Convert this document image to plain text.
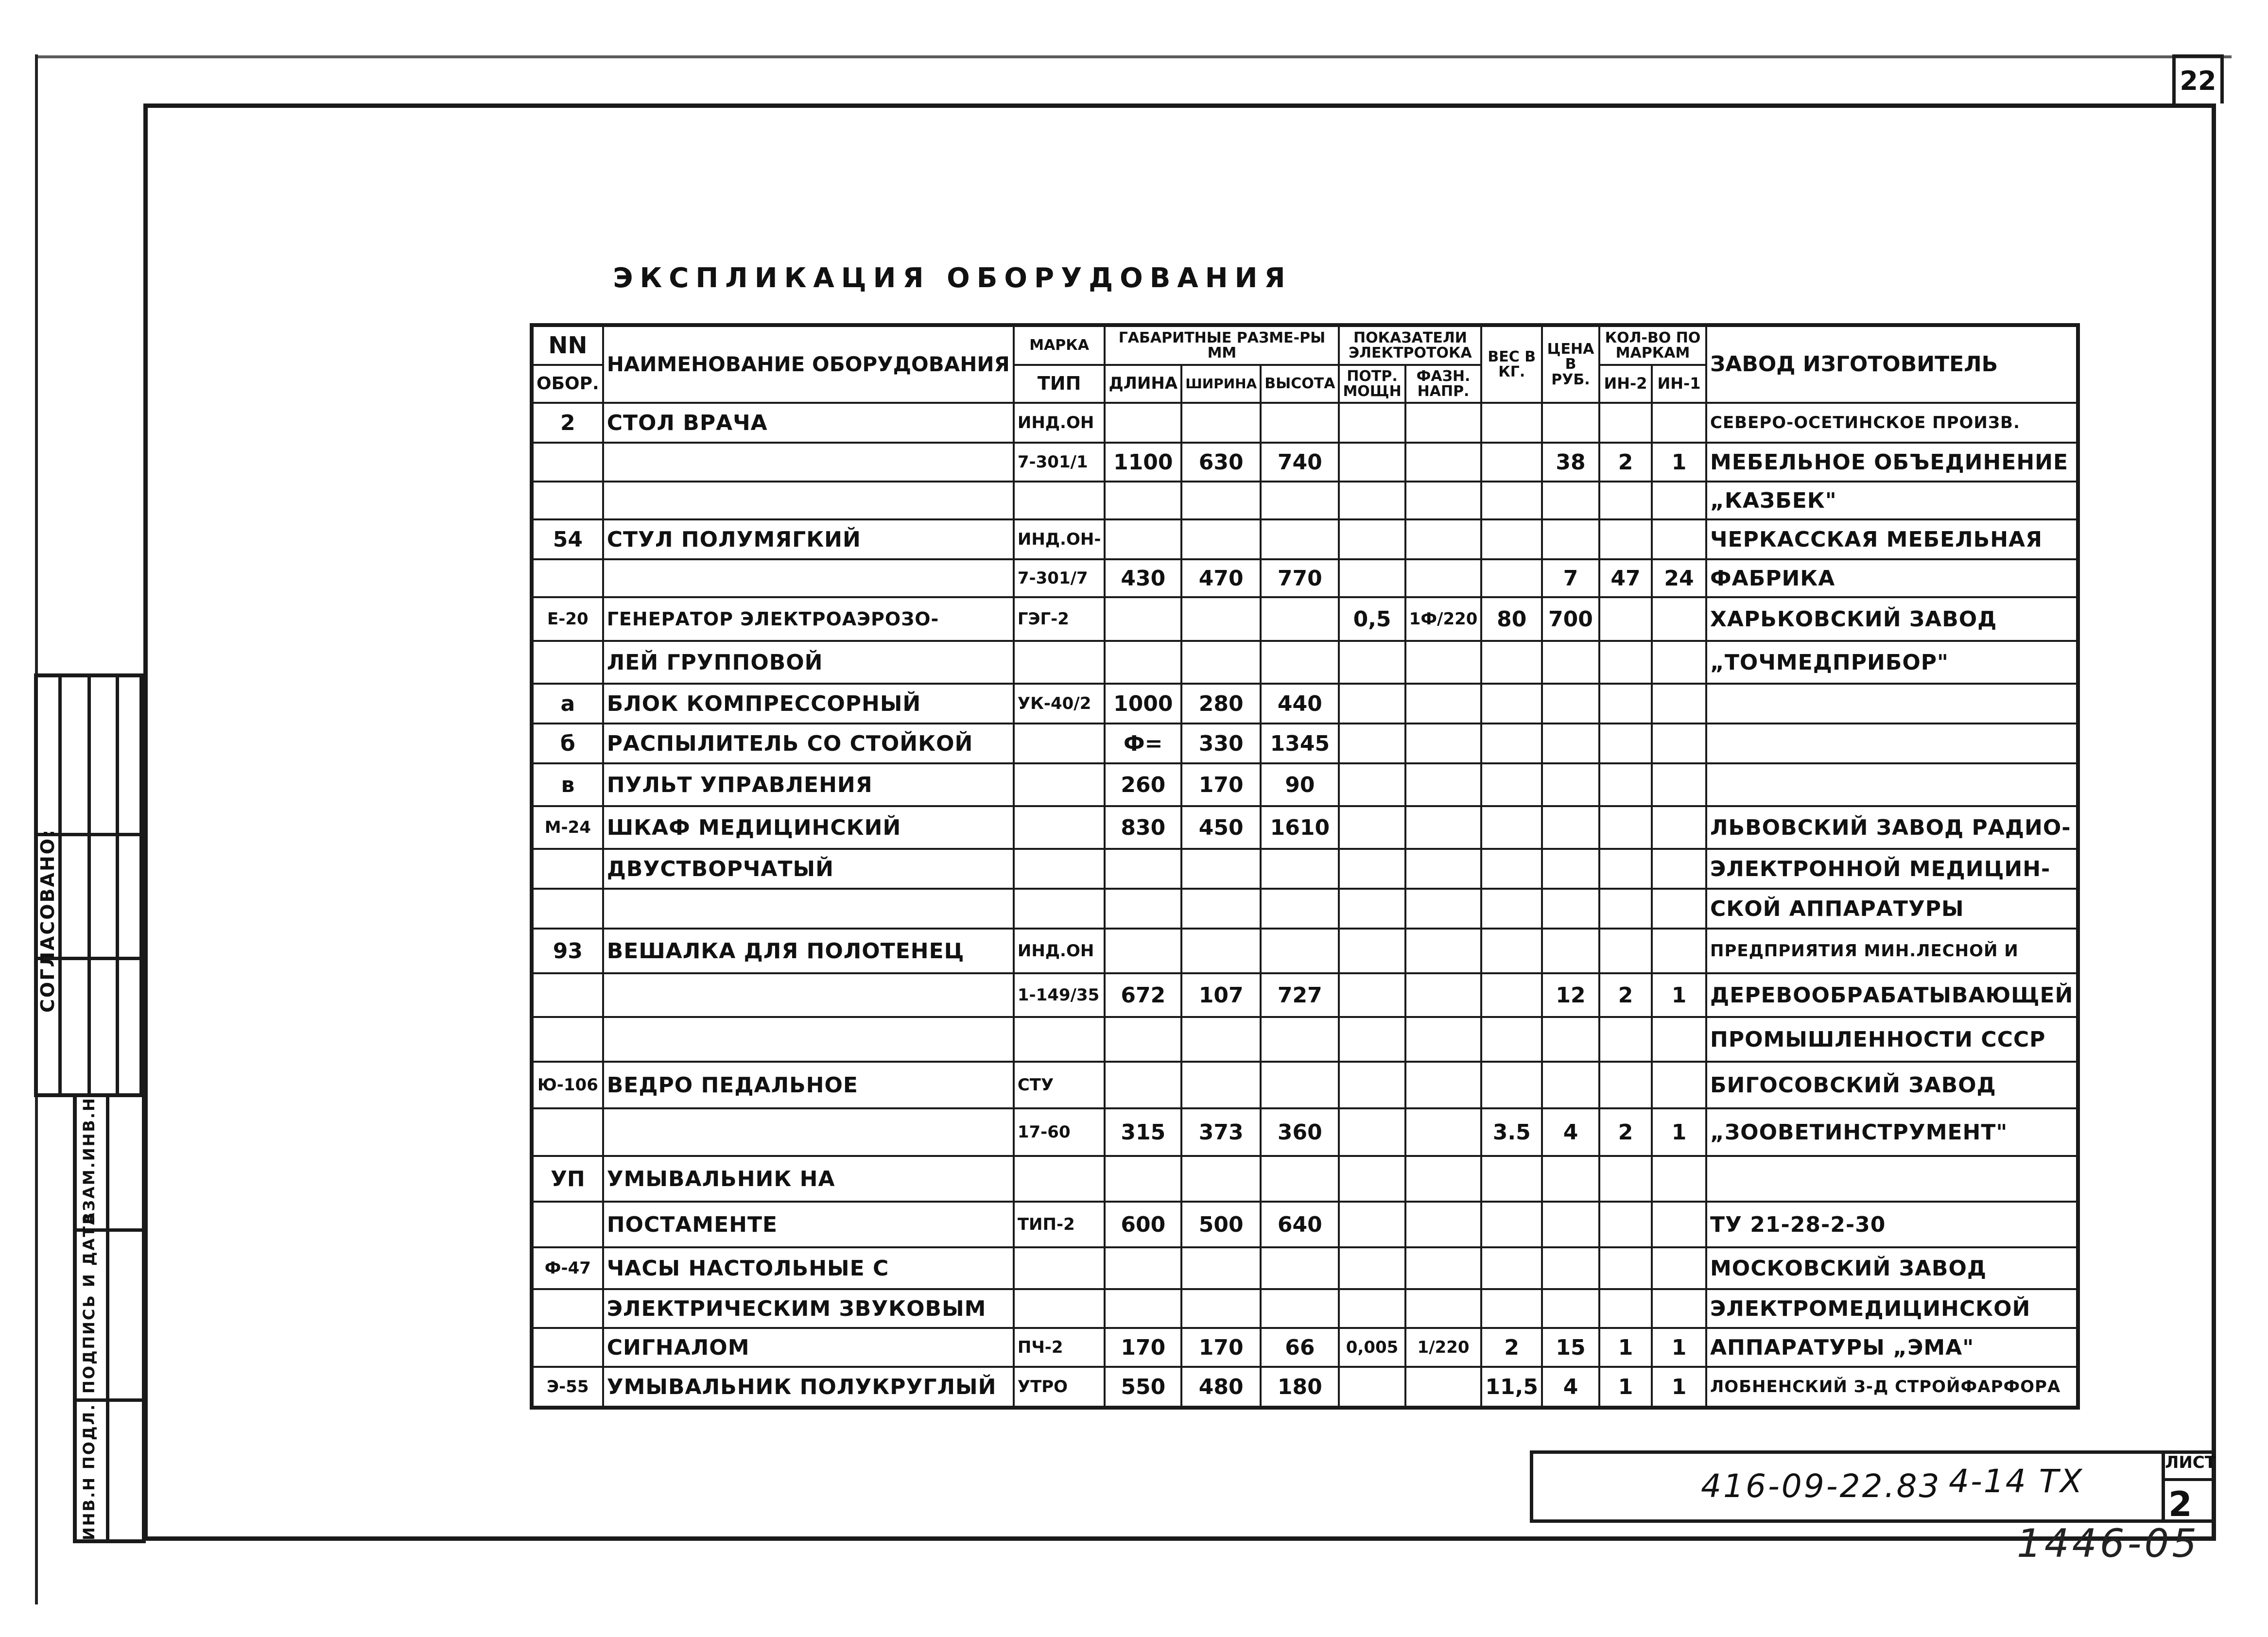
22
СОГЛАСОВАНО:
ИНВ.Н ПОДЛ.
ПОДПИСЬ И ДАТА
ВЗАМ.ИНВ.Н
ЭКСПЛИКАЦИЯ ОБОРУДОВАНИЯ
NN	НАИМЕНОВАНИЕ ОБОРУДОВАНИЯ	МАРКА	ГАБАРИТНЫЕ РАЗМЕ-РЫ ММ			ПОКАЗАТЕЛИ ЭЛЕКТРОТОКА		ВЕС В КГ.	ЦЕНА В РУБ.	КОЛ-ВО ПО МАРКАМ		ЗАВОД ИЗГОТОВИТЕЛЬ
ОБОР.		ТИП	ДЛИНА	ШИРИНА	ВЫСОТА	ПОТР. МОЩН	ФАЗН. НАПР.			ИН-2	ИН-1	
2	СТОЛ ВРАЧА	ИНД.ОН										СЕВЕРО-ОСЕТИНСКОЕ ПРОИЗВ.
		7-301/1	1100	630	740				38	2	1	МЕБЕЛЬНОЕ ОБЪЕДИНЕНИЕ
												„КАЗБЕК"
54	СТУЛ ПОЛУМЯГКИЙ	ИНД.ОН-										ЧЕРКАССКАЯ МЕБЕЛЬНАЯ
		7-301/7	430	470	770				7	47	24	ФАБРИКА
Е-20	ГЕНЕРАТОР ЭЛЕКТРОАЭРОЗО-	ГЭГ-2				0,5	1Ф/220	80	700			ХАРЬКОВСКИЙ ЗАВОД
	ЛЕЙ ГРУППОВОЙ											„ТОЧМЕДПРИБОР"
а	БЛОК КОМПРЕССОРНЫЙ	УК-40/2	1000	280	440							
б	РАСПЫЛИТЕЛЬ СО СТОЙКОЙ		Ф=	330	1345							
в	ПУЛЬТ УПРАВЛЕНИЯ		260	170	90							
М-24	ШКАФ МЕДИЦИНСКИЙ		830	450	1610							ЛЬВОВСКИЙ ЗАВОД РАДИО-
	ДВУСТВОРЧАТЫЙ											ЭЛЕКТРОННОЙ МЕДИЦИН-
												СКОЙ АППАРАТУРЫ
93	ВЕШАЛКА ДЛЯ ПОЛОТЕНЕЦ	ИНД.ОН										ПРЕДПРИЯТИЯ МИН.ЛЕСНОЙ И
		1-149/35	672	107	727				12	2	1	ДЕРЕВООБРАБАТЫВАЮЩЕЙ
												ПРОМЫШЛЕННОСТИ СССР
Ю-106	ВЕДРО ПЕДАЛЬНОЕ	СТУ										БИГОСОВСКИЙ ЗАВОД
		17-60	315	373	360			3.5	4	2	1	„ЗООВЕТИНСТРУМЕНТ"
УП	УМЫВАЛЬНИК НА											
	ПОСТАМЕНТЕ	ТИП-2	600	500	640							ТУ 21-28-2-30
Ф-47	ЧАСЫ НАСТОЛЬНЫЕ С											МОСКОВСКИЙ ЗАВОД
	ЭЛЕКТРИЧЕСКИМ ЗВУКОВЫМ											ЭЛЕКТРОМЕДИЦИНСКОЙ
	СИГНАЛОМ	ПЧ-2	170	170	66	0,005	1/220	2	15	1	1	АППАРАТУРЫ „ЭМА"
Э-55	УМЫВАЛЬНИК ПОЛУКРУГЛЫЙ	УТРО	550	480	180			11,5	4	1	1	ЛОБНЕНСКИЙ З-Д СТРОЙФАРФОРА
416-09-22.83 4-14 ТХ	ЛИСТ
2
1446-05
